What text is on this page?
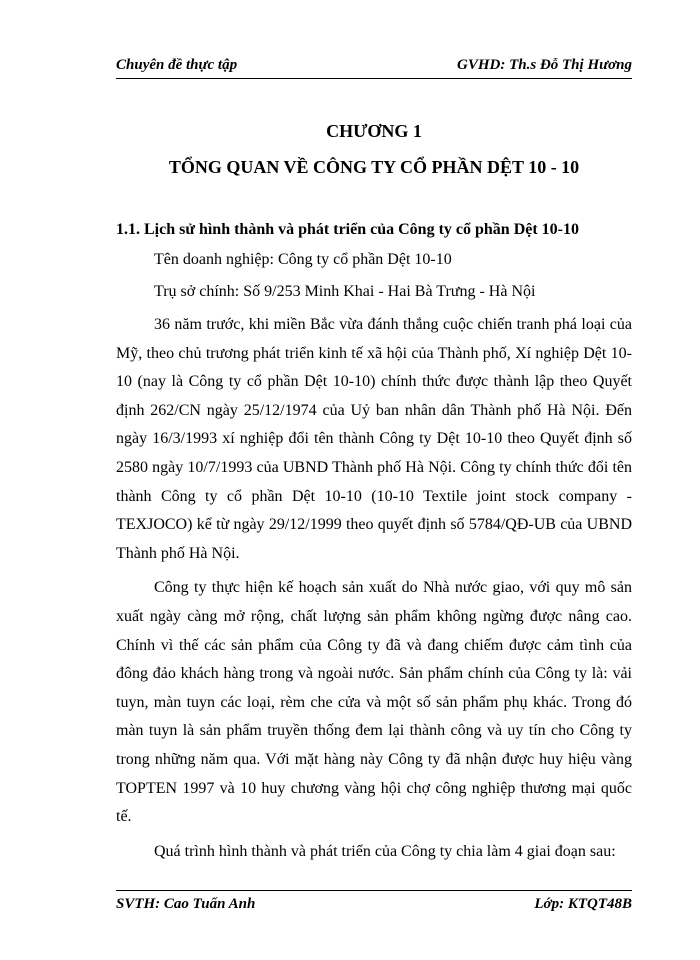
Chuyên đề thực tập	GVHD: Th.s Đỗ Thị Hương
CHƯƠNG 1
TỔNG QUAN VỀ CÔNG TY CỔ PHẦN DỆT 10 - 10
1.1. Lịch sử hình thành và phát triển của Công ty cổ phần Dệt 10-10

Tên doanh nghiệp: Công ty cổ phần Dệt 10-10

Trụ sở chính: Số 9/253 Minh Khai - Hai Bà Trưng - Hà Nội

36 năm trước, khi miền Bắc vừa đánh thắng cuộc chiến tranh phá loại của Mỹ, theo chủ trương phát triển kinh tế xã hội của Thành phố, Xí nghiệp Dệt 10-10 (nay là Công ty cổ phần Dệt 10-10) chính thức được thành lập theo Quyết định 262/CN ngày 25/12/1974 của Uỷ ban nhân dân Thành phố Hà Nội. Đến ngày 16/3/1993 xí nghiệp đổi tên thành Công ty Dệt 10-10 theo Quyết định số 2580 ngày 10/7/1993 của UBND Thành phố Hà Nội. Công ty chính thức đổi tên thành Công ty cổ phần Dệt 10-10 (10-10 Textile joint stock company - TEXJOCO) kể từ ngày 29/12/1999 theo quyết định số 5784/QĐ-UB của UBND Thành phố Hà Nội.

Công ty thực hiện kế hoạch sản xuất do Nhà nước giao, với quy mô sản xuất ngày càng mở rộng, chất lượng sản phẩm không ngừng được nâng cao. Chính vì thế các sản phẩm của Công ty đã và đang chiếm được cảm tình của đông đảo khách hàng trong và ngoài nước. Sản phẩm chính của Công ty là: vải tuyn, màn tuyn các loại, rèm che cửa và một số sản phẩm phụ khác. Trong đó màn tuyn là sản phẩm truyền thống đem lại thành công và uy tín cho Công ty trong những năm qua. Với mặt hàng này Công ty đã nhận được huy hiệu vàng TOPTEN 1997 và 10 huy chương vàng hội chợ công nghiệp thương mại quốc tế.

Quá trình hình thành và phát triển của Công ty chia làm 4 giai đoạn sau:

SVTH: Cao Tuấn Anh	Lớp: KTQT48B
